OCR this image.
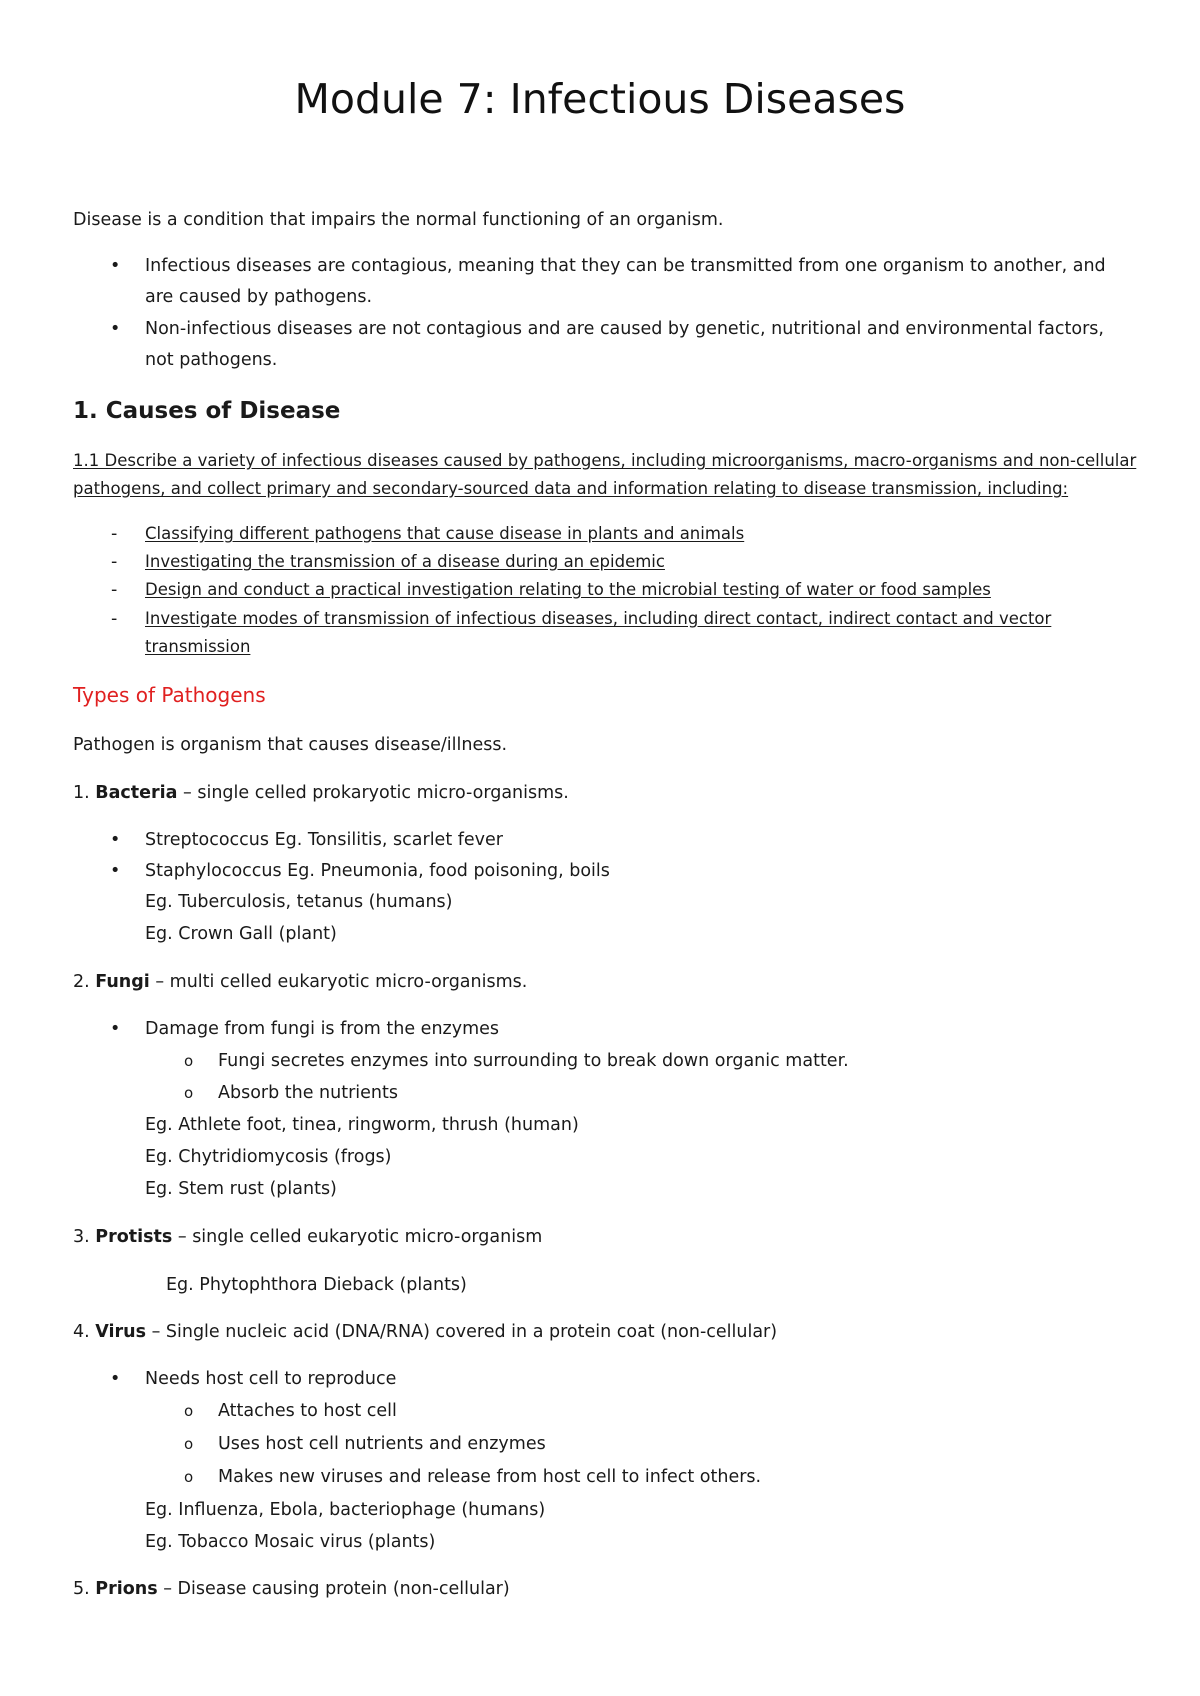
Module 7: Infectious Diseases
Disease is a condition that impairs the normal functioning of an organism.
• Infectious diseases are contagious, meaning that they can be transmitted from one organism to another, and
are caused by pathogens.
• Non-infectious diseases are not contagious and are caused by genetic, nutritional and environmental factors,
not pathogens.
1. Causes of Disease
1.1 Describe a variety of infectious diseases caused by pathogens, including microorganisms, macro-organisms and non-cellular
pathogens, and collect primary and secondary-sourced data and information relating to disease transmission, including:
- Classifying different pathogens that cause disease in plants and animals
- Investigating the transmission of a disease during an epidemic
- Design and conduct a practical investigation relating to the microbial testing of water or food samples
- Investigate modes of transmission of infectious diseases, including direct contact, indirect contact and vector
transmission
Types of Pathogens
Pathogen is organism that causes disease/illness.
1. Bacteria – single celled prokaryotic micro-organisms.
• Streptococcus Eg. Tonsilitis, scarlet fever
• Staphylococcus Eg. Pneumonia, food poisoning, boils
Eg. Tuberculosis, tetanus (humans)
Eg. Crown Gall (plant)
2. Fungi – multi celled eukaryotic micro-organisms.
• Damage from fungi is from the enzymes
o Fungi secretes enzymes into surrounding to break down organic matter.
o Absorb the nutrients
Eg. Athlete foot, tinea, ringworm, thrush (human)
Eg. Chytridiomycosis (frogs)
Eg. Stem rust (plants)
3. Protists – single celled eukaryotic micro-organism
Eg. Phytophthora Dieback (plants)
4. Virus – Single nucleic acid (DNA/RNA) covered in a protein coat (non-cellular)
• Needs host cell to reproduce
o Attaches to host cell
o Uses host cell nutrients and enzymes
o Makes new viruses and release from host cell to infect others.
Eg. Influenza, Ebola, bacteriophage (humans)
Eg. Tobacco Mosaic virus (plants)
5. Prions – Disease causing protein (non-cellular)
